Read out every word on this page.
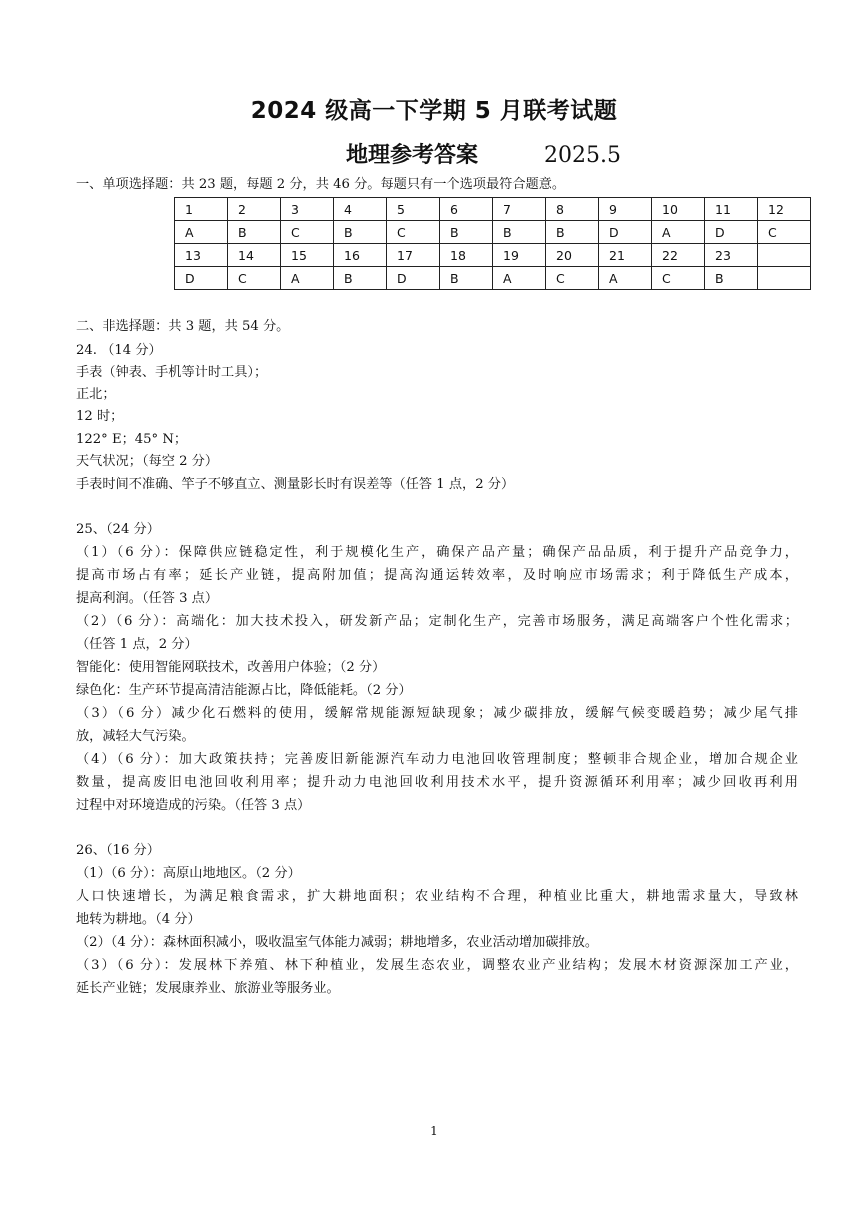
2024 级高一下学期 5 月联考试题
地理参考答案	2025.5
一、单项选择题：共 23 题，每题 2 分，共 46 分。每题只有一个选项最符合题意。
1	2	3	4	5	6	7	8	9	10	11	12
A	B	C	B	C	B	B	B	D	A	D	C
13	14	15	16	17	18	19	20	21	22	23	
D	C	A	B	D	B	A	C	A	C	B	
二、非选择题：共 3 题，共 54 分。
24. （14 分）
手表（钟表、手机等计时工具）；
正北；
12 时；
122° E；45° N；
天气状况；（每空 2 分）
手表时间不准确、竿子不够直立、测量影长时有误差等（任答 1 点，2 分）
25、（24 分）
（1）（6 分）：保障供应链稳定性，利于规模化生产，确保产品产量；确保产品品质，利于提升产品竞争力，
提高市场占有率；延长产业链，提高附加值；提高沟通运转效率，及时响应市场需求；利于降低生产成本，
提高利润。（任答 3 点）
（2）（6 分）：高端化：加大技术投入，研发新产品；定制化生产，完善市场服务，满足高端客户个性化需求；
（任答 1 点，2 分）
智能化：使用智能网联技术，改善用户体验；（2 分）
绿色化：生产环节提高清洁能源占比，降低能耗。（2 分）
（3）（6 分）减少化石燃料的使用，缓解常规能源短缺现象；减少碳排放，缓解气候变暖趋势；减少尾气排
放，减轻大气污染。
（4）（6 分）：加大政策扶持；完善废旧新能源汽车动力电池回收管理制度；整顿非合规企业，增加合规企业
数量，提高废旧电池回收利用率；提升动力电池回收利用技术水平，提升资源循环利用率；减少回收再利用
过程中对环境造成的污染。（任答 3 点）
26、（16 分）
（1）（6 分）：高原山地地区。（2 分）
人口快速增长，为满足粮食需求，扩大耕地面积；农业结构不合理，种植业比重大，耕地需求量大，导致林
地转为耕地。（4 分）
（2）（4 分）：森林面积减小，吸收温室气体能力减弱；耕地增多，农业活动增加碳排放。
（3）（6 分）：发展林下养殖、林下种植业，发展生态农业，调整农业产业结构；发展木材资源深加工产业，
延长产业链；发展康养业、旅游业等服务业。
1
